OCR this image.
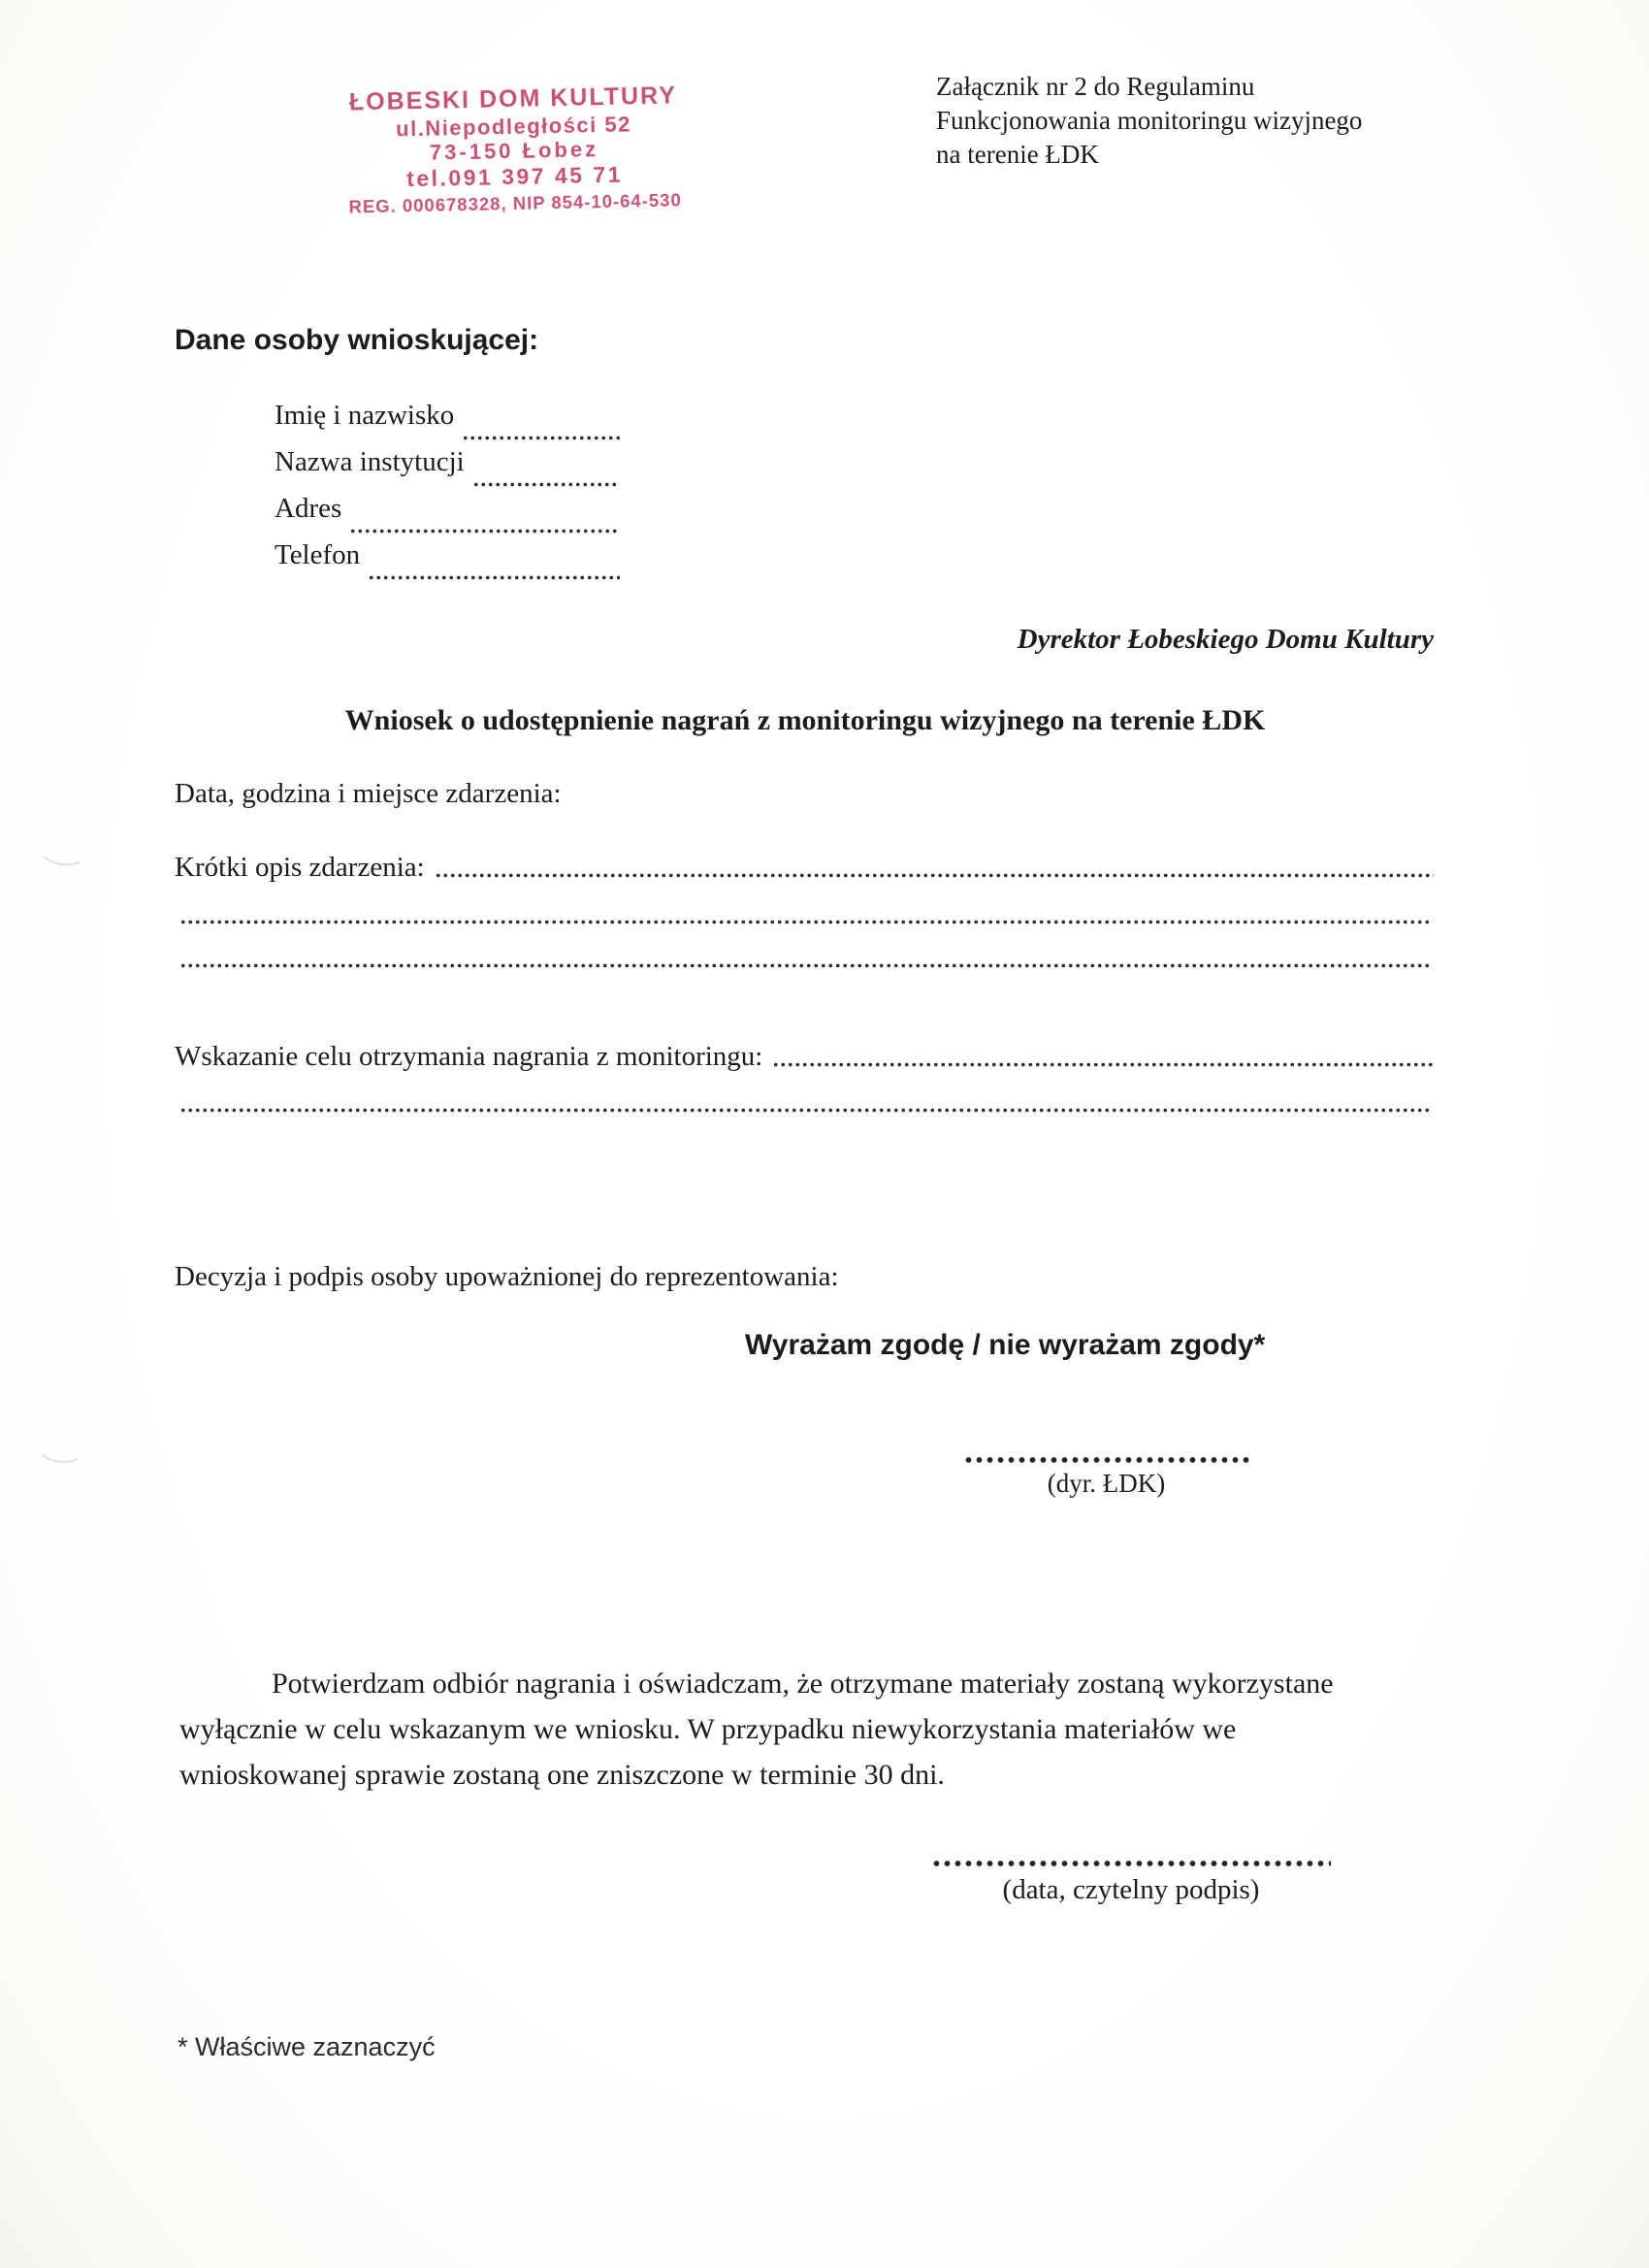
ŁOBESKI DOM KULTURY
ul.Niepodległości 52
73-150 Łobez
tel.091 397 45 71
REG. 000678328, NIP 854-10-64-530
Załącznik nr 2 do Regulaminu
Funkcjonowania monitoringu wizyjnego
na terenie ŁDK
Dane osoby wnioskującej:
Imię i nazwisko
Nazwa instytucji
Adres
Telefon
Dyrektor Łobeskiego Domu Kultury
Wniosek o udostępnienie nagrań z monitoringu wizyjnego na terenie ŁDK
Data, godzina i miejsce zdarzenia:
Krótki opis zdarzenia:
Wskazanie celu otrzymania nagrania z monitoringu:
Decyzja i podpis osoby upoważnionej do reprezentowania:
Wyrażam zgodę / nie wyrażam zgody*
(dyr. ŁDK)
Potwierdzam odbiór nagrania i oświadczam, że otrzymane materiały zostaną wykorzystane wyłącznie w celu wskazanym we wniosku. W przypadku niewykorzystania materiałów we wnioskowanej sprawie zostaną one zniszczone w terminie 30 dni.
(data, czytelny podpis)
* Właściwe zaznaczyć
